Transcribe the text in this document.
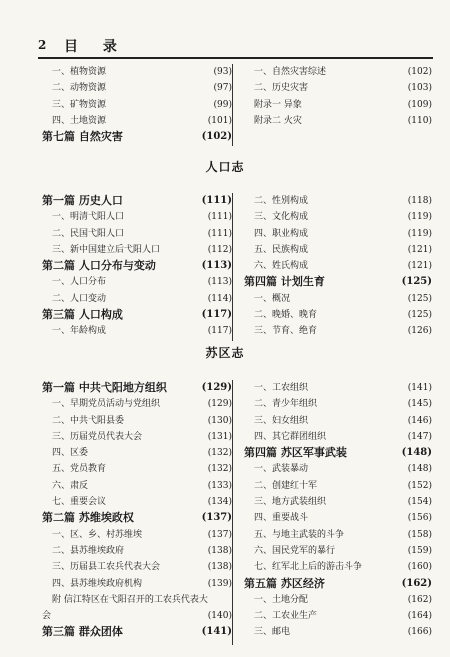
2 目 录
一、植物资源	(93)
二、动物资源	(97)
三、矿物资源	(99)
四、土地资源	(101)
第七篇 自然灾害	(102)
一、自然灾害综述	(102)
二、历史灾害	(103)
附录一 异象	(109)
附录二 火灾	(110)
人口志
第一篇 历史人口	(111)
一、明清弋阳人口	(111)
二、民国弋阳人口	(111)
三、新中国建立后弋阳人口	(112)
第二篇 人口分布与变动	(113)
一、人口分布	(113)
二、人口变动	(114)
第三篇 人口构成	(117)
一、年龄构成	(117)
二、性别构成	(118)
三、文化构成	(119)
四、职业构成	(119)
五、民族构成	(121)
六、姓氏构成	(121)
第四篇 计划生育	(125)
一、概况	(125)
二、晚婚、晚育	(125)
三、节育、绝育	(126)
苏区志
第一篇 中共弋阳地方组织	(129)
一、早期党员活动与党组织	(129)
二、中共弋阳县委	(130)
三、历届党员代表大会	(131)
四、区委	(132)
五、党员教育	(132)
六、肃反	(133)
七、重要会议	(134)
第二篇 苏维埃政权	(137)
一、区、乡、村苏维埃	(137)
二、县苏维埃政府	(138)
三、历届县工农兵代表大会	(138)
四、县苏维埃政府机构	(139)
附 信江特区在弋阳召开的工农兵代表大
会	(140)
第三篇 群众团体	(141)
一、工农组织	(141)
二、青少年组织	(145)
三、妇女组织	(146)
四、其它群团组织	(147)
第四篇 苏区军事武装	(148)
一、武装暴动	(148)
二、创建红十军	(152)
三、地方武装组织	(154)
四、重要战斗	(156)
五、与地主武装的斗争	(158)
六、国民党军的暴行	(159)
七、红军北上后的游击斗争	(160)
第五篇 苏区经济	(162)
一、土地分配	(162)
二、工农业生产	(164)
三、邮电	(166)
